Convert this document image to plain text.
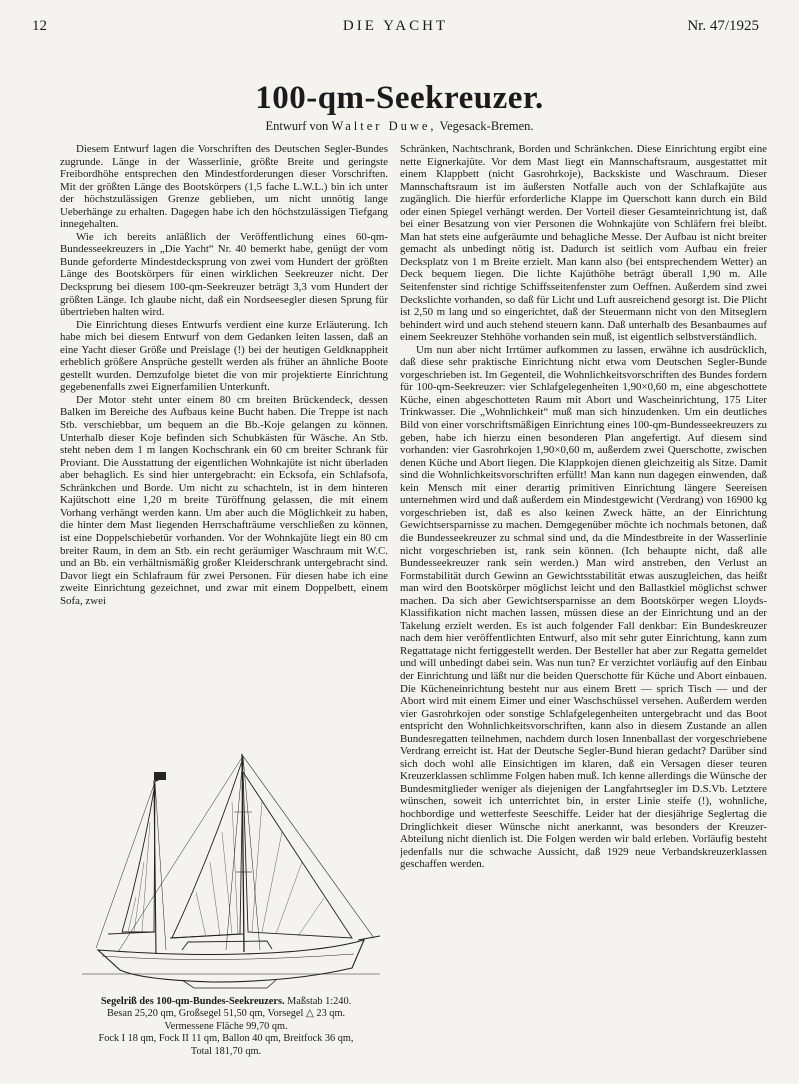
12	DIE YACHT	Nr. 47/1925
100-qm-Seekreuzer.
Entwurf von Walter Duwe, Vegesack-Bremen.

Diesem Entwurf lagen die Vorschriften des Deutschen Segler-Bundes zugrunde. Länge in der Wasserlinie, größte Breite und geringste Freibordhöhe entsprechen den Mindestforderungen dieser Vorschriften. Mit der größten Länge des Bootskörpers (1,5 fache L.W.L.) bin ich unter der höchstzulässigen Grenze geblieben, um nicht unnötig lange Ueberhänge zu erhalten. Dagegen habe ich den höchstzulässigen Tiefgang innegehalten.

Wie ich bereits anläßlich der Veröffentlichung eines 60-qm-Bundesseekreuzers in „Die Yacht“ Nr. 40 bemerkt habe, genügt der vom Bunde geforderte Mindestdecksprung von zwei vom Hundert der größten Länge des Bootskörpers für einen wirklichen Seekreuzer nicht. Der Decksprung bei diesem 100-qm-Seekreuzer beträgt 3,3 vom Hundert der größten Länge. Ich glaube nicht, daß ein Nordseesegler diesen Sprung für übertrieben halten wird.

Die Einrichtung dieses Entwurfs verdient eine kurze Erläuterung. Ich habe mich bei diesem Entwurf von dem Gedanken leiten lassen, daß an eine Yacht dieser Größe und Preislage (!) bei der heutigen Geldknappheit erheblich größere Ansprüche gestellt werden als früher an ähnliche Boote gestellt wurden. Demzufolge bietet die von mir projektierte Einrichtung gegebenenfalls zwei Eignerfamilien Unterkunft.

Der Motor steht unter einem 80 cm breiten Brückendeck, dessen Balken im Bereiche des Aufbaus keine Bucht haben. Die Treppe ist nach Stb. verschiebbar, um bequem an die Bb.-Koje gelangen zu können. Unterhalb dieser Koje befinden sich Schubkästen für Wäsche. An Stb. steht neben dem 1 m langen Kochschrank ein 60 cm breiter Schrank für Proviant. Die Ausstattung der eigentlichen Wohnkajüte ist nicht überladen aber behaglich. Es sind hier untergebracht: ein Ecksofa, ein Schlafsofa, Schränkchen und Borde. Um nicht zu schachteln, ist in dem hinteren Kajütschott eine 1,20 m breite Türöffnung gelassen, die mit einem Vorhang verhängt werden kann. Um aber auch die Möglichkeit zu haben, die hinter dem Mast liegenden Herrschafträume verschließen zu können, ist eine Doppelschiebetür vorhanden. Vor der Wohnkajüte liegt ein 80 cm breiter Raum, in dem an Stb. ein recht geräumiger Waschraum mit W.C. und an Bb. ein verhältnismäßig großer Kleiderschrank untergebracht sind. Davor liegt ein Schlafraum für zwei Personen. Für diesen habe ich eine zweite Einrichtung gezeichnet, und zwar mit einem Doppelbett, einem Sofa, zwei

Schränken, Nachtschrank, Borden und Schränkchen. Diese Einrichtung ergibt eine nette Eignerkajüte. Vor dem Mast liegt ein Mannschaftsraum, ausgestattet mit einem Klappbett (nicht Gasrohrkoje), Backskiste und Waschraum. Dieser Mannschaftsraum ist im äußersten Notfalle auch von der Schlafkajüte aus zugänglich. Die hierfür erforderliche Klappe im Querschott kann durch ein Bild oder einen Spiegel verhängt werden. Der Vorteil dieser Gesamteinrichtung ist, daß bei einer Besatzung von vier Personen die Wohnkajüte von Schläfern frei bleibt. Man hat stets eine aufgeräumte und behagliche Messe. Der Aufbau ist nicht breiter gemacht als unbedingt nötig ist. Dadurch ist seitlich vom Aufbau ein freier Decksplatz von 1 m Breite erzielt. Man kann also (bei entsprechendem Wetter) an Deck bequem liegen. Die lichte Kajüthöhe beträgt überall 1,90 m. Alle Seitenfenster sind richtige Schiffsseitenfenster zum Oeffnen. Außerdem sind zwei Deckslichte vorhanden, so daß für Licht und Luft ausreichend gesorgt ist. Die Plicht ist 2,50 m lang und so eingerichtet, daß der Steuermann nicht von den Mitseglern behindert wird und auch stehend steuern kann. Daß unterhalb des Besanbaumes auf einem Seekreuzer Stehhöhe vorhanden sein muß, ist eigentlich selbstverständlich.

Um nun aber nicht Irrtümer aufkommen zu lassen, erwähne ich ausdrücklich, daß diese sehr praktische Einrichtung nicht etwa vom Deutschen Segler-Bunde vorgeschrieben ist. Im Gegenteil, die Wohnlichkeitsvorschriften des Bundes fordern für 100-qm-Seekreuzer: vier Schlafgelegenheiten 1,90×0,60 m, eine abgeschottete Küche, einen abgeschotteten Raum mit Abort und Wascheinrichtung, 175 Liter Trinkwasser. Die „Wohnlichkeit“ muß man sich hinzudenken. Um ein deutliches Bild von einer vorschriftsmäßigen Einrichtung eines 100-qm-Bundesseekreuzers zu geben, habe ich hierzu einen besonderen Plan angefertigt. Auf diesem sind vorhanden: vier Gasrohrkojen 1,90×0,60 m, außerdem zwei Querschotte, zwischen denen Küche und Abort liegen. Die Klappkojen dienen gleichzeitig als Sitze. Damit sind die Wohnlichkeitsvorschriften erfüllt! Man kann nun dagegen einwenden, daß kein Mensch mit einer derartig primitiven Einrichtung längere Seereisen unternehmen wird und daß außerdem ein Mindestgewicht (Verdrang) von 16900 kg vorgeschrieben ist, daß es also keinen Zweck hätte, an der Einrichtung Gewichtsersparnisse zu machen. Demgegenüber möchte ich nochmals betonen, daß die Bundesseekreuzer zu schmal sind und, da die Mindestbreite in der Wasserlinie nicht vorgeschrieben ist, rank sein können. (Ich behaupte nicht, daß alle Bundesseekreuzer rank sein werden.) Man wird anstreben, den Verlust an Formstabilität durch Gewinn an Gewichtsstabilität etwas auszugleichen, das heißt man wird den Bootskörper möglichst leicht und den Ballastkiel möglichst schwer machen. Da sich aber Gewichtsersparnisse an dem Bootskörper wegen Lloyds-Klassifikation nicht machen lassen, müssen diese an der Einrichtung und an der Takelung erzielt werden. Es ist auch folgender Fall denkbar: Ein Bundeskreuzer nach dem hier veröffentlichten Entwurf, also mit sehr guter Einrichtung, kann zum Regattatage nicht fertiggestellt werden. Der Besteller hat aber zur Regatta gemeldet und will unbedingt dabei sein. Was nun tun? Er verzichtet vorläufig auf den Einbau der Einrichtung und läßt nur die beiden Querschotte für Küche und Abort einbauen. Die Kücheneinrichtung besteht nur aus einem Brett — sprich Tisch — und der Abort wird mit einem Eimer und einer Waschschüssel versehen. Außerdem werden vier Gasrohrkojen oder sonstige Schlafgelegenheiten untergebracht und das Boot entspricht den Wohnlichkeitsvorschriften, kann also in diesem Zustande an allen Bundesregatten teilnehmen, nachdem durch losen Innenballast der vorgeschriebene Verdrang erreicht ist. Hat der Deutsche Segler-Bund hieran gedacht? Darüber sind sich doch wohl alle Einsichtigen im klaren, daß ein Versagen dieser teuren Kreuzerklassen schlimme Folgen haben muß. Ich kenne allerdings die Wünsche der Bundesmitglieder weniger als diejenigen der Langfahrtsegler im D.S.Vb. Letztere wünschen, soweit ich unterrichtet bin, in erster Linie steife (!), wohnliche, hochbordige und wetterfeste Seeschiffe. Leider hat der diesjährige Seglertag die Dringlichkeit dieser Wünsche nicht anerkannt, was besonders der Kreuzer-Abteilung nicht dienlich ist. Die Folgen werden wir bald erleben. Vorläufig besteht jedenfalls nur die schwache Aussicht, daß 1929 neue Verbandskreuzerklassen geschaffen werden.

Segelriß des 100-qm-Bundes-Seekreuzers. Maßstab 1:240.
Besan 25,20 qm, Großsegel 51,50 qm, Vorsegel △ 23 qm.
Vermessene Fläche 99,70 qm.
Fock I 18 qm, Fock II 11 qm, Ballon 40 qm, Breitfock 36 qm,
Total 181,70 qm.
